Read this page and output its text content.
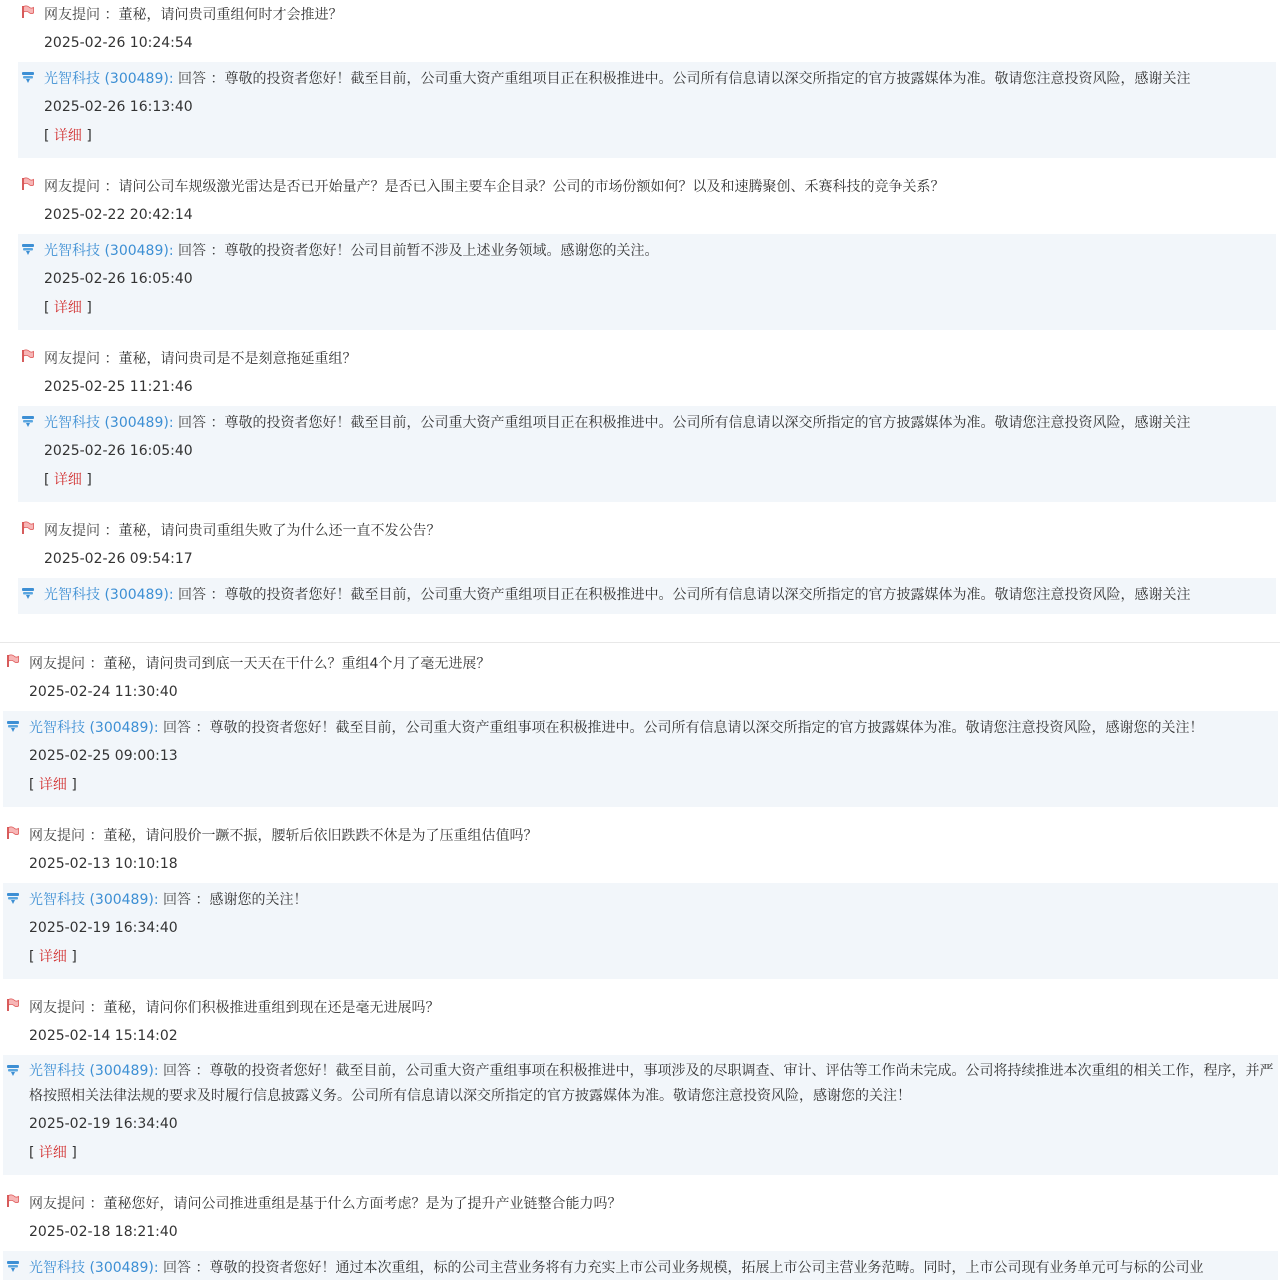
网友提问 ：董秘，请问贵司重组何时才会推进？
2025-02-26 10:24:54
光智科技 (300489): 回答 ：尊敬的投资者您好！截至目前，公司重大资产重组项目正在积极推进中。公司所有信息请以深交所指定的官方披露媒体为准。敬请您注意投资风险，感谢关注
2025-02-26 16:13:40
[ 详细 ]
网友提问 ：请问公司车规级激光雷达是否已开始量产？是否已入围主要车企目录？公司的市场份额如何？以及和速腾聚创、禾赛科技的竞争关系？
2025-02-22 20:42:14
光智科技 (300489): 回答 ：尊敬的投资者您好！公司目前暂不涉及上述业务领域。感谢您的关注。
2025-02-26 16:05:40
[ 详细 ]
网友提问 ：董秘，请问贵司是不是刻意拖延重组？
2025-02-25 11:21:46
光智科技 (300489): 回答 ：尊敬的投资者您好！截至目前，公司重大资产重组项目正在积极推进中。公司所有信息请以深交所指定的官方披露媒体为准。敬请您注意投资风险，感谢关注
2025-02-26 16:05:40
[ 详细 ]
网友提问 ：董秘，请问贵司重组失败了为什么还一直不发公告？
2025-02-26 09:54:17
光智科技 (300489): 回答 ：尊敬的投资者您好！截至目前，公司重大资产重组项目正在积极推进中。公司所有信息请以深交所指定的官方披露媒体为准。敬请您注意投资风险，感谢关注
网友提问 ：董秘，请问贵司到底一天天在干什么？重组4个月了毫无进展？
2025-02-24 11:30:40
光智科技 (300489): 回答 ：尊敬的投资者您好！截至目前，公司重大资产重组事项在积极推进中。公司所有信息请以深交所指定的官方披露媒体为准。敬请您注意投资风险，感谢您的关注！
2025-02-25 09:00:13
[ 详细 ]
网友提问 ：董秘，请问股价一蹶不振，腰斩后依旧跌跌不休是为了压重组估值吗？
2025-02-13 10:10:18
光智科技 (300489): 回答 ：感谢您的关注！
2025-02-19 16:34:40
[ 详细 ]
网友提问 ：董秘，请问你们积极推进重组到现在还是毫无进展吗？
2025-02-14 15:14:02
光智科技 (300489): 回答 ：尊敬的投资者您好！截至目前，公司重大资产重组事项在积极推进中，事项涉及的尽职调查、审计、评估等工作尚未完成。公司将持续推进本次重组的相关工作，程序，并严格按照相关法律法规的要求及时履行信息披露义务。公司所有信息请以深交所指定的官方披露媒体为准。敬请您注意投资风险，感谢您的关注！
2025-02-19 16:34:40
[ 详细 ]
网友提问 ：董秘您好，请问公司推进重组是基于什么方面考虑？是为了提升产业链整合能力吗？
2025-02-18 18:21:40
光智科技 (300489): 回答 ：尊敬的投资者您好！通过本次重组，标的公司主营业务将有力充实上市公司业务规模，拓展上市公司主营业务范畴。同时，上市公司现有业务单元可与标的公司业
